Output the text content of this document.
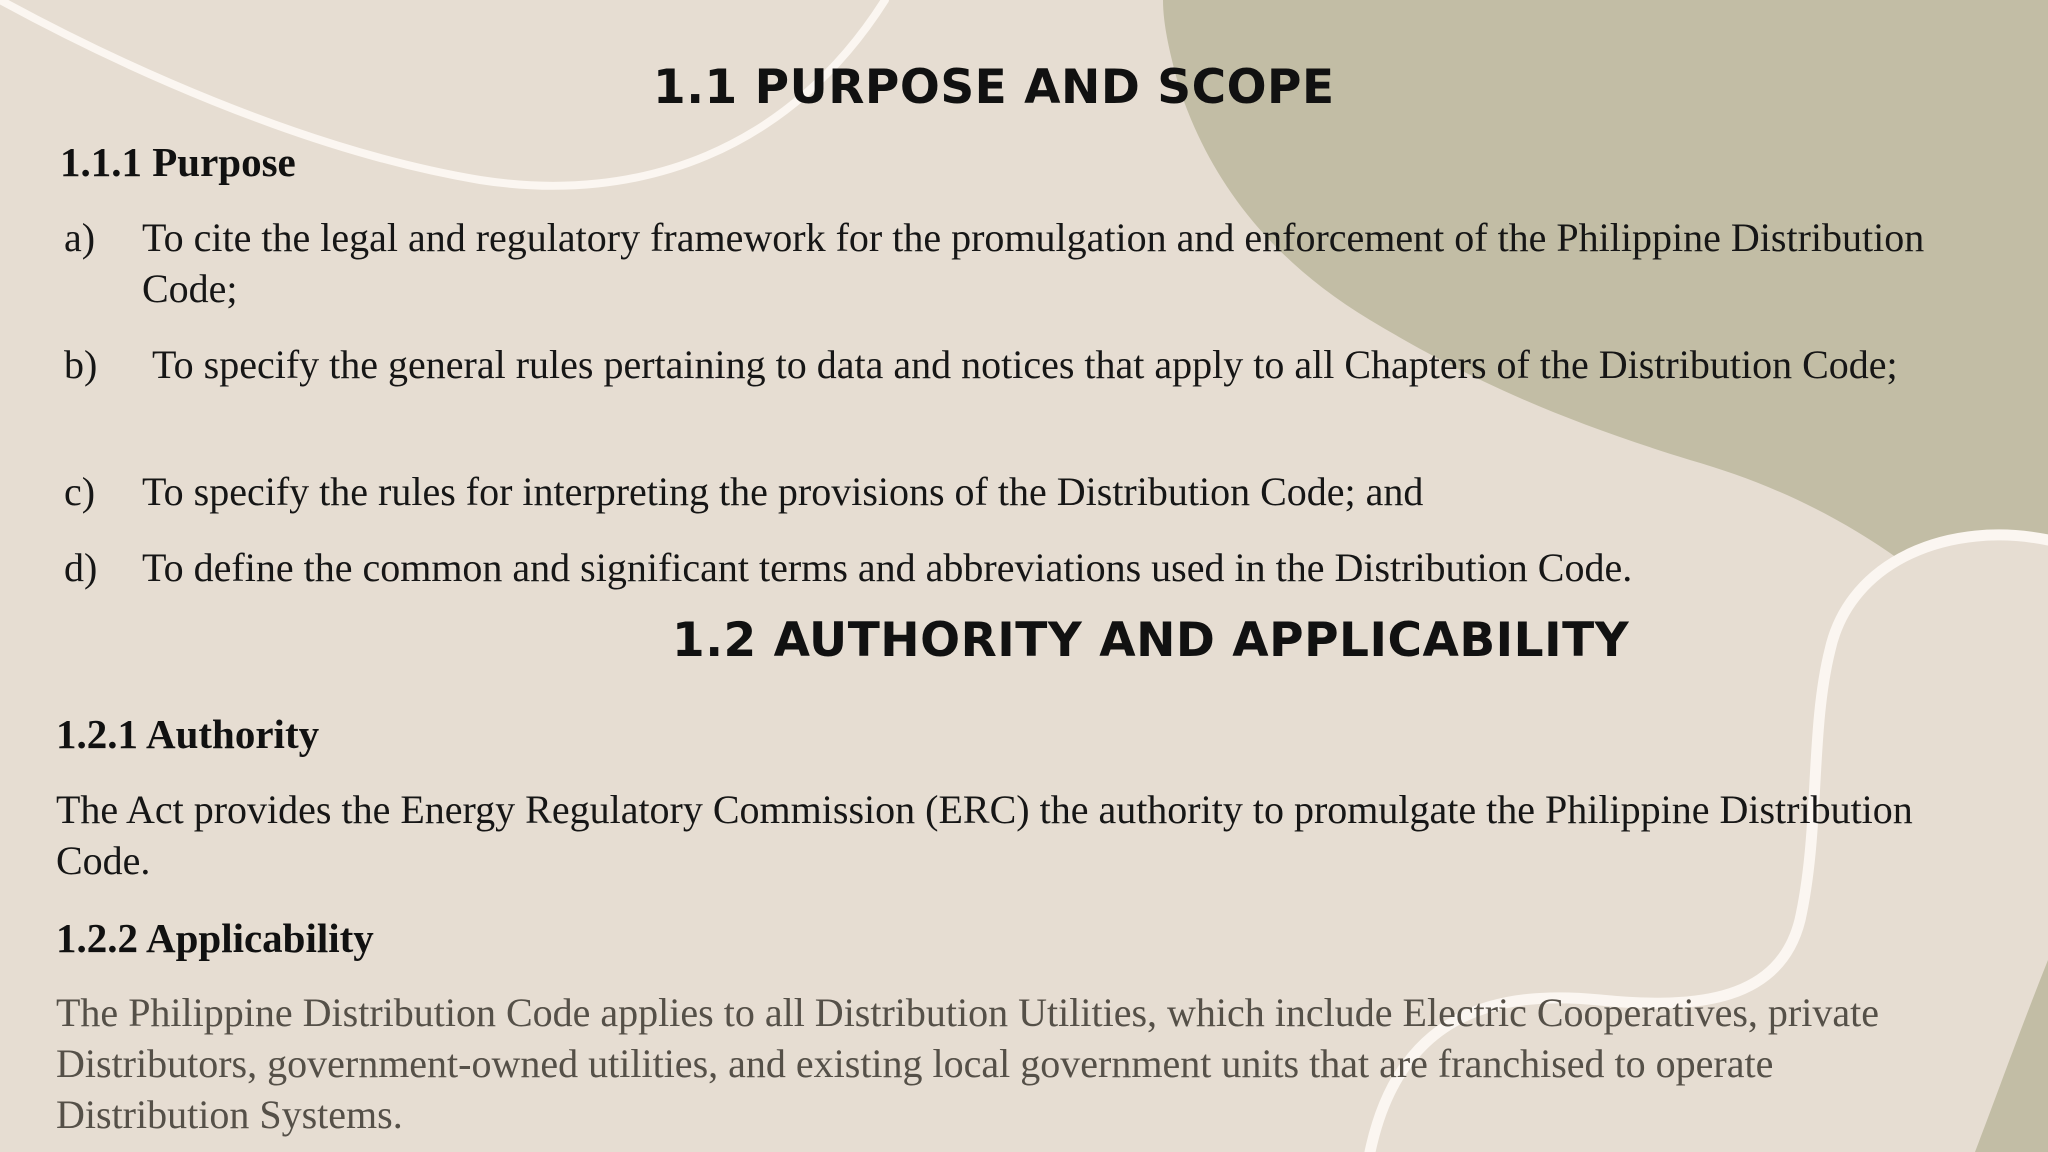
1.1 PURPOSE AND SCOPE
1.1.1 Purpose
a) To cite the legal and regulatory framework for the promulgation and enforcement of the Philippine Distribution Code;
b) To specify the general rules pertaining to data and notices that apply to all Chapters of the Distribution Code;
c) To specify the rules for interpreting the provisions of the Distribution Code; and
d) To define the common and significant terms and abbreviations used in the Distribution Code.
1.2 AUTHORITY AND APPLICABILITY
1.2.1 Authority
The Act provides the Energy Regulatory Commission (ERC) the authority to promulgate the Philippine Distribution Code.
1.2.2 Applicability
The Philippine Distribution Code applies to all Distribution Utilities, which include Electric Cooperatives, private Distributors, government-owned utilities, and existing local government units that are franchised to operate Distribution Systems.
